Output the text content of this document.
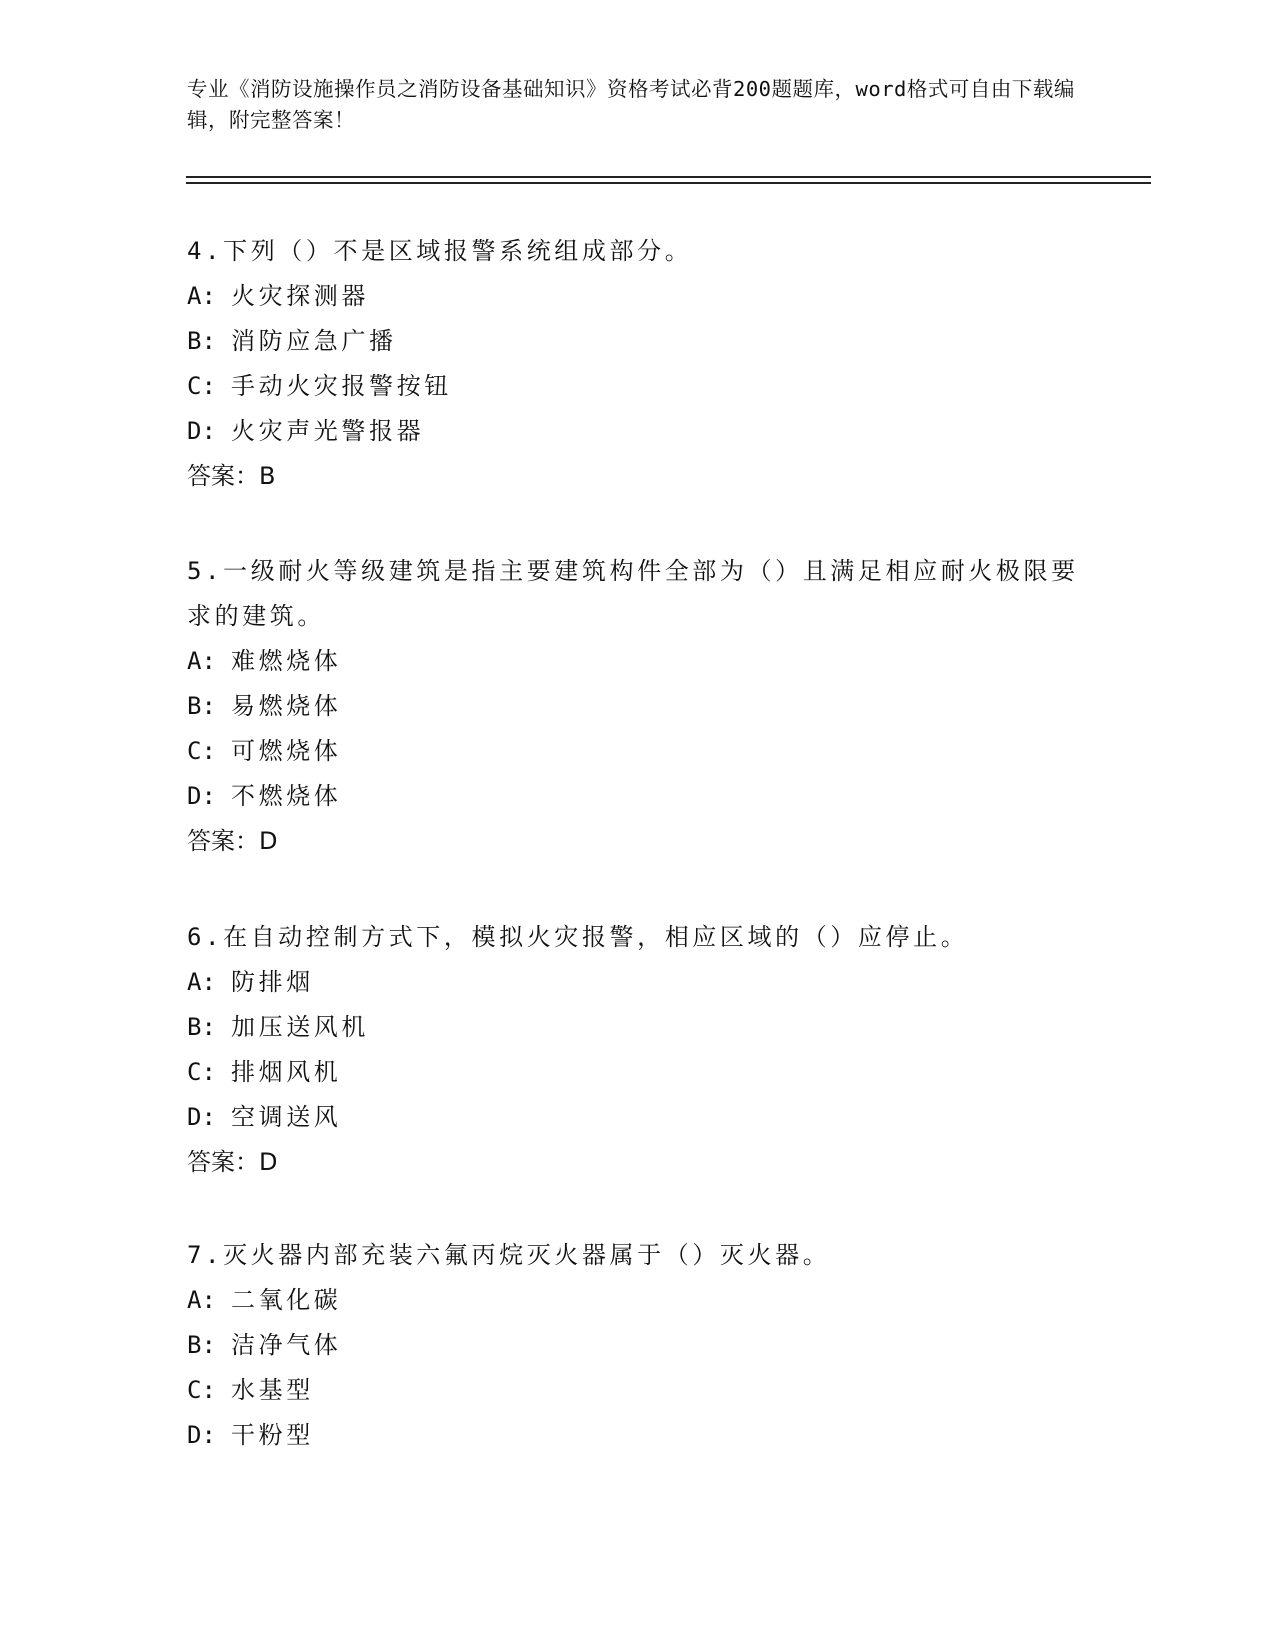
专业《消防设施操作员之消防设备基础知识》资格考试必背200题题库，word格式可自由下载编辑，附完整答案！
4.下列（）不是区域报警系统组成部分。
A: 火灾探测器
B: 消防应急广播
C: 手动火灾报警按钮
D: 火灾声光警报器
答案：B
5.一级耐火等级建筑是指主要建筑构件全部为（）且满足相应耐火极限要求的建筑。
A: 难燃烧体
B: 易燃烧体
C: 可燃烧体
D: 不燃烧体
答案：D
6.在自动控制方式下，模拟火灾报警，相应区域的（）应停止。
A: 防排烟
B: 加压送风机
C: 排烟风机
D: 空调送风
答案：D
7.灭火器内部充装六氟丙烷灭火器属于（）灭火器。
A: 二氧化碳
B: 洁净气体
C: 水基型
D: 干粉型
